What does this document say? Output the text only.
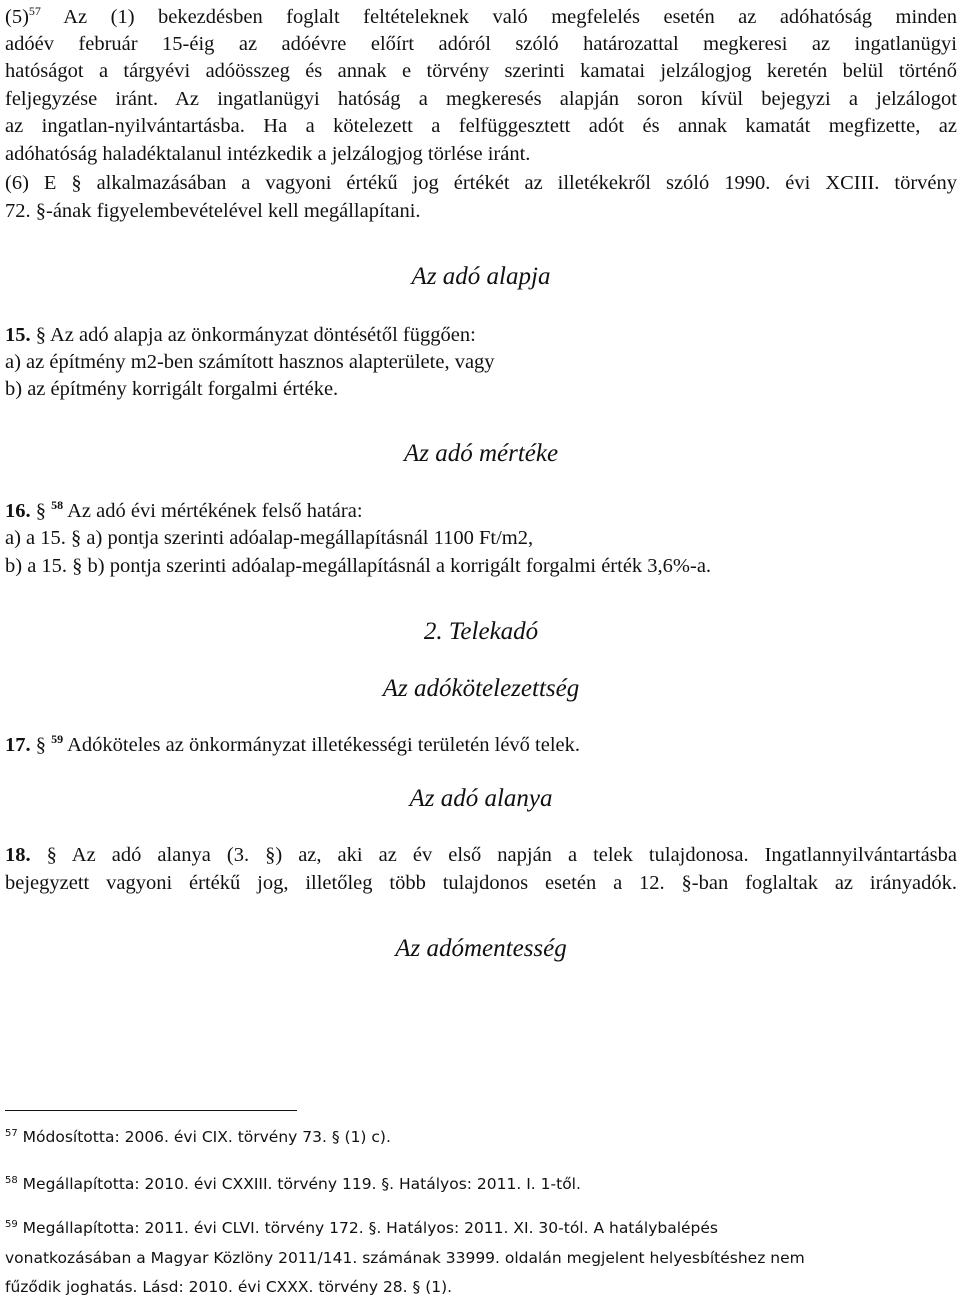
$(5)^{57}$ Az (1) bekezdésben foglalt feltételeknek való megfelelés esetén az adóhatóság minden
adóév február 15-éig az adóévre előírt adóról szóló határozattal megkeresi az ingatlanügyi
hatóságot a tárgyévi adóösszeg és annak e törvény szerinti kamatai jelzálogjog keretén belül történő
feljegyzése iránt. Az ingatlanügyi hatóság a megkeresés alapján soron kívül bejegyzi a jelzálogot
az ingatlan-nyilvántartásba. Ha a kötelezett a felfüggesztett adót és annak kamatát megfizette, az
adóhatóság haladéktalanul intézkedik a jelzálogjog törlése iránt.
(6) E § alkalmazásában a vagyoni értékű jog értékét az illetékekről szóló 1990. évi XCIII. törvény
72. §-ának figyelembevételével kell megállapítani.
Az adó alapja
15. § Az adó alapja az önkormányzat döntésétől függően:
a) az építmény m2-ben számított hasznos alapterülete, vagy
b) az építmény korrigált forgalmi értéke.
Az adó mértéke
16. § $^{58}$ Az adó évi mértékének felső határa:
a) a 15. § a) pontja szerinti adóalap-megállapításnál 1100 Ft/m2,
b) a 15. § b) pontja szerinti adóalap-megállapításnál a korrigált forgalmi érték 3,6%-a.
2. Telekadó
Az adókötelezettség
17. § $^{59}$ Adóköteles az önkormányzat illetékességi területén lévő telek.
Az adó alanya
18. § Az adó alanya (3. §) az, aki az év első napján a telek tulajdonosa. Ingatlannyilvántartásba
bejegyzett vagyoni értékű jog, illetőleg több tulajdonos esetén a 12. §-ban foglaltak az irányadók.
Az adómentesség
$^{57}$ Módosította: 2006. évi CIX. törvény 73. § (1) c).
$^{58}$ Megállapította: 2010. évi CXXIII. törvény 119. §. Hatályos: 2011. I. 1-től.
$^{59}$ Megállapította: 2011. évi CLVI. törvény 172. §. Hatályos: 2011. XI. 30-tól. A hatálybalépés
vonatkozásában a Magyar Közlöny 2011/141. számának 33999. oldalán megjelent helyesbítéshez nem
fűződik joghatás. Lásd: 2010. évi CXXX. törvény 28. § (1).
